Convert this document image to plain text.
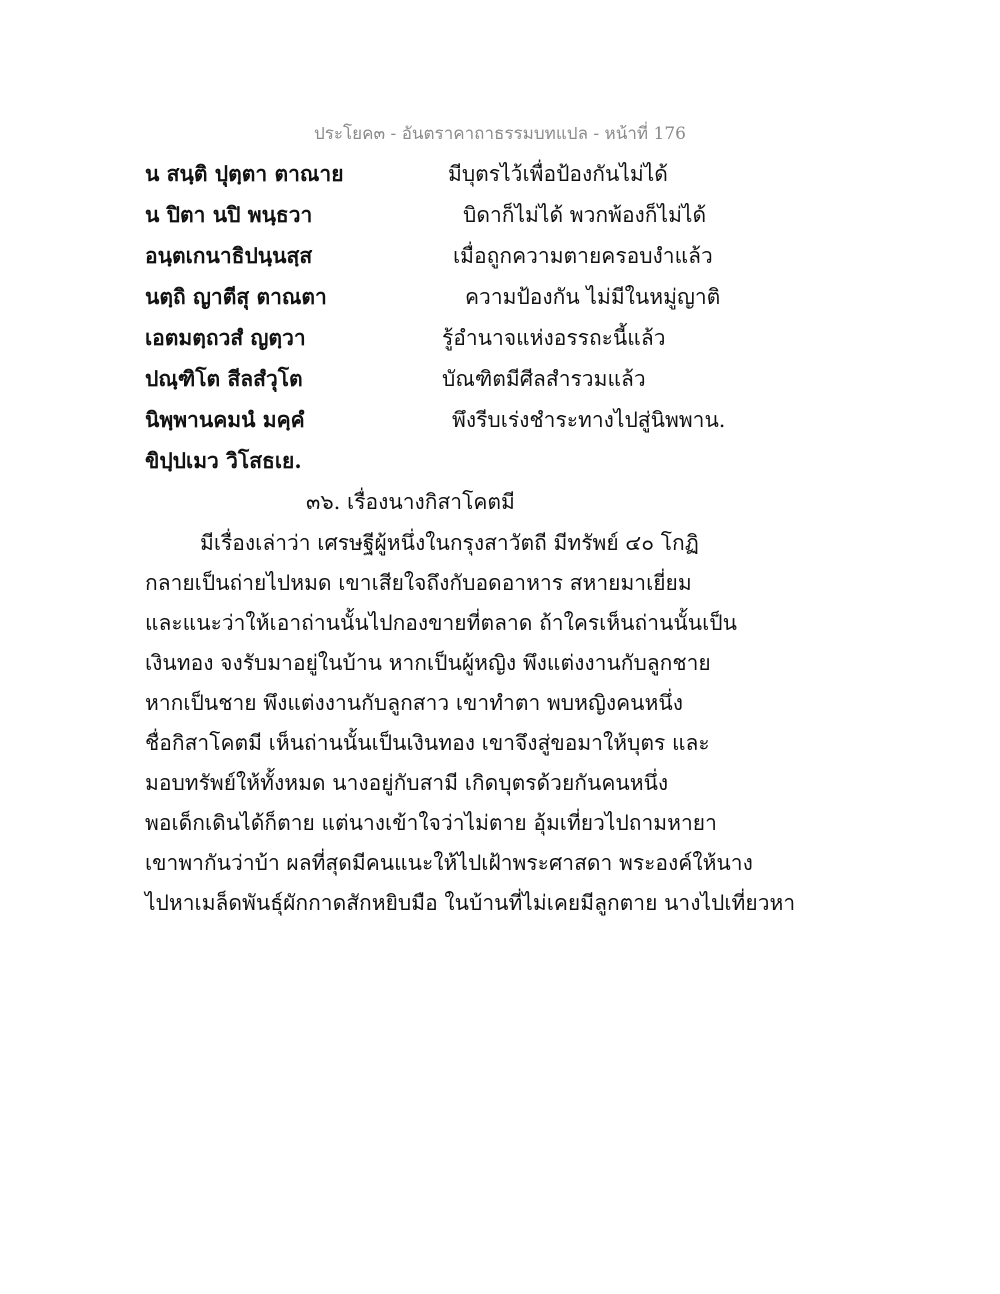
ประโยค๓ - อันตราคาถาธรรมบทแปล - หน้าที่ 176
น สนฺติ ปุตฺตา ตาณาย	มีบุตรไว้เพื่อป้องกันไม่ได้
น ปิตา นปิ พนฺธวา	บิดาก็ไม่ได้ พวกพ้องก็ไม่ได้
อนฺตเกนาธิปนฺนสฺส	เมื่อถูกความตายครอบงำแล้ว
นตฺถิ ญาตีสุ ตาณตา	ความป้องกัน ไม่มีในหมู่ญาติ
เอตมตฺถวสํ ญตฺวา	รู้อำนาจแห่งอรรถะนี้แล้ว
ปณฺฑิโต สีลสํวุโต	บัณฑิตมีศีลสำรวมแล้ว
นิพฺพานคมนํ มคฺคํ	พึงรีบเร่งชำระทางไปสู่นิพพาน.
ขิปฺปเมว วิโสธเย.
๓๖. เรื่องนางกิสาโคตมี
มีเรื่องเล่าว่า เศรษฐีผู้หนึ่งในกรุงสาวัตถี มีทรัพย์ ๔๐ โกฏิ
กลายเป็นถ่ายไปหมด เขาเสียใจถึงกับอดอาหาร สหายมาเยี่ยม
และแนะว่าให้เอาถ่านนั้นไปกองขายที่ตลาด ถ้าใครเห็นถ่านนั้นเป็น
เงินทอง จงรับมาอยู่ในบ้าน หากเป็นผู้หญิง พึงแต่งงานกับลูกชาย
หากเป็นชาย พึงแต่งงานกับลูกสาว เขาทำตา พบหญิงคนหนึ่ง
ชื่อกิสาโคตมี เห็นถ่านนั้นเป็นเงินทอง เขาจึงสู่ขอมาให้บุตร และ
มอบทรัพย์ให้ทั้งหมด นางอยู่กับสามี เกิดบุตรด้วยกันคนหนึ่ง
พอเด็กเดินได้ก็ตาย แต่นางเข้าใจว่าไม่ตาย อุ้มเที่ยวไปถามหายา
เขาพากันว่าบ้า ผลที่สุดมีคนแนะให้ไปเฝ้าพระศาสดา พระองค์ให้นาง
ไปหาเมล็ดพันธุ์ผักกาดสักหยิบมือ ในบ้านที่ไม่เคยมีลูกตาย นางไปเที่ยวหา
